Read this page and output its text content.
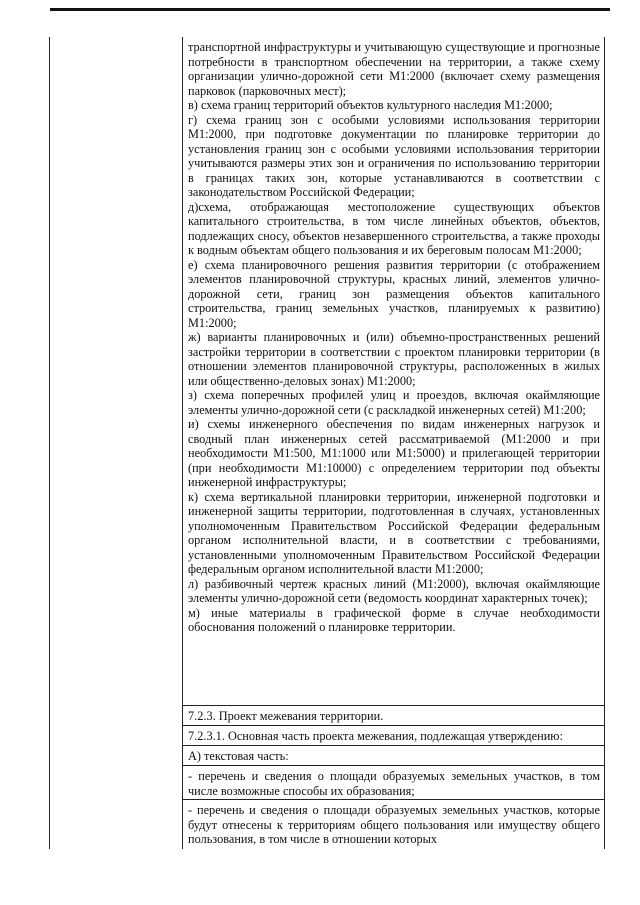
транспортной инфраструктуры и учитывающую существующие и прогнозные потребности в транспортном обеспечении на территории, а также схему организации улично-дорожной сети М1:2000 (включает схему размещения парковок (парковочных мест);

в) схема границ территорий объектов культурного наследия М1:2000;

г) схема границ зон с особыми условиями использования территории М1:2000, при подготовке документации по планировке территории до установления границ зон с особыми условиями использования территории учитываются размеры этих зон и ограничения по использованию территории в границах таких зон, которые устанавливаются в соответствии с законодательством Российской Федерации;

д)схема, отображающая местоположение существующих объектов капитального строительства, в том числе линейных объектов, объектов, подлежащих сносу, объектов незавершенного строительства, а также проходы к водным объектам общего пользования и их береговым полосам М1:2000;

е) схема планировочного решения развития территории (с отображением элементов планировочной структуры, красных линий, элементов улично-дорожной сети, границ зон размещения объектов капитального строительства, границ земельных участков, планируемых к развитию) М1:2000;

ж) варианты планировочных и (или) объемно-пространственных решений застройки территории в соответствии с проектом планировки территории (в отношении элементов планировочной структуры, расположенных в жилых или общественно-деловых зонах) М1:2000;

з) схема поперечных профилей улиц и проездов, включая окаймляющие элементы улично-дорожной сети (с раскладкой инженерных сетей) М1:200;

и) схемы инженерного обеспечения по видам инженерных нагрузок и сводный план инженерных сетей рассматриваемой (М1:2000 и при необходимости М1:500, М1:1000 или М1:5000) и прилегающей территории (при необходимости М1:10000) с определением территории под объекты инженерной инфраструктуры;

к) схема вертикальной планировки территории, инженерной подготовки и инженерной защиты территории, подготовленная в случаях, установленных уполномоченным Правительством Российской Федерации федеральным органом исполнительной власти, и в соответствии с требованиями, установленными уполномоченным Правительством Российской Федерации федеральным органом исполнительной власти М1:2000;

л) разбивочный чертеж красных линий (М1:2000), включая окаймляющие элементы улично-дорожной сети (ведомость координат характерных точек);

м) иные материалы в графической форме в случае необходимости обоснования положений о планировке территории.

7.2.3. Проект межевания территории.
7.2.3.1. Основная часть проекта межевания, подлежащая утверждению:
А) текстовая часть:
- перечень и сведения о площади образуемых земельных участков, в том числе возможные способы их образования;
- перечень и сведения о площади образуемых земельных участков, которые будут отнесены к территориям общего пользования или имуществу общего пользования, в том числе в отношении которых
